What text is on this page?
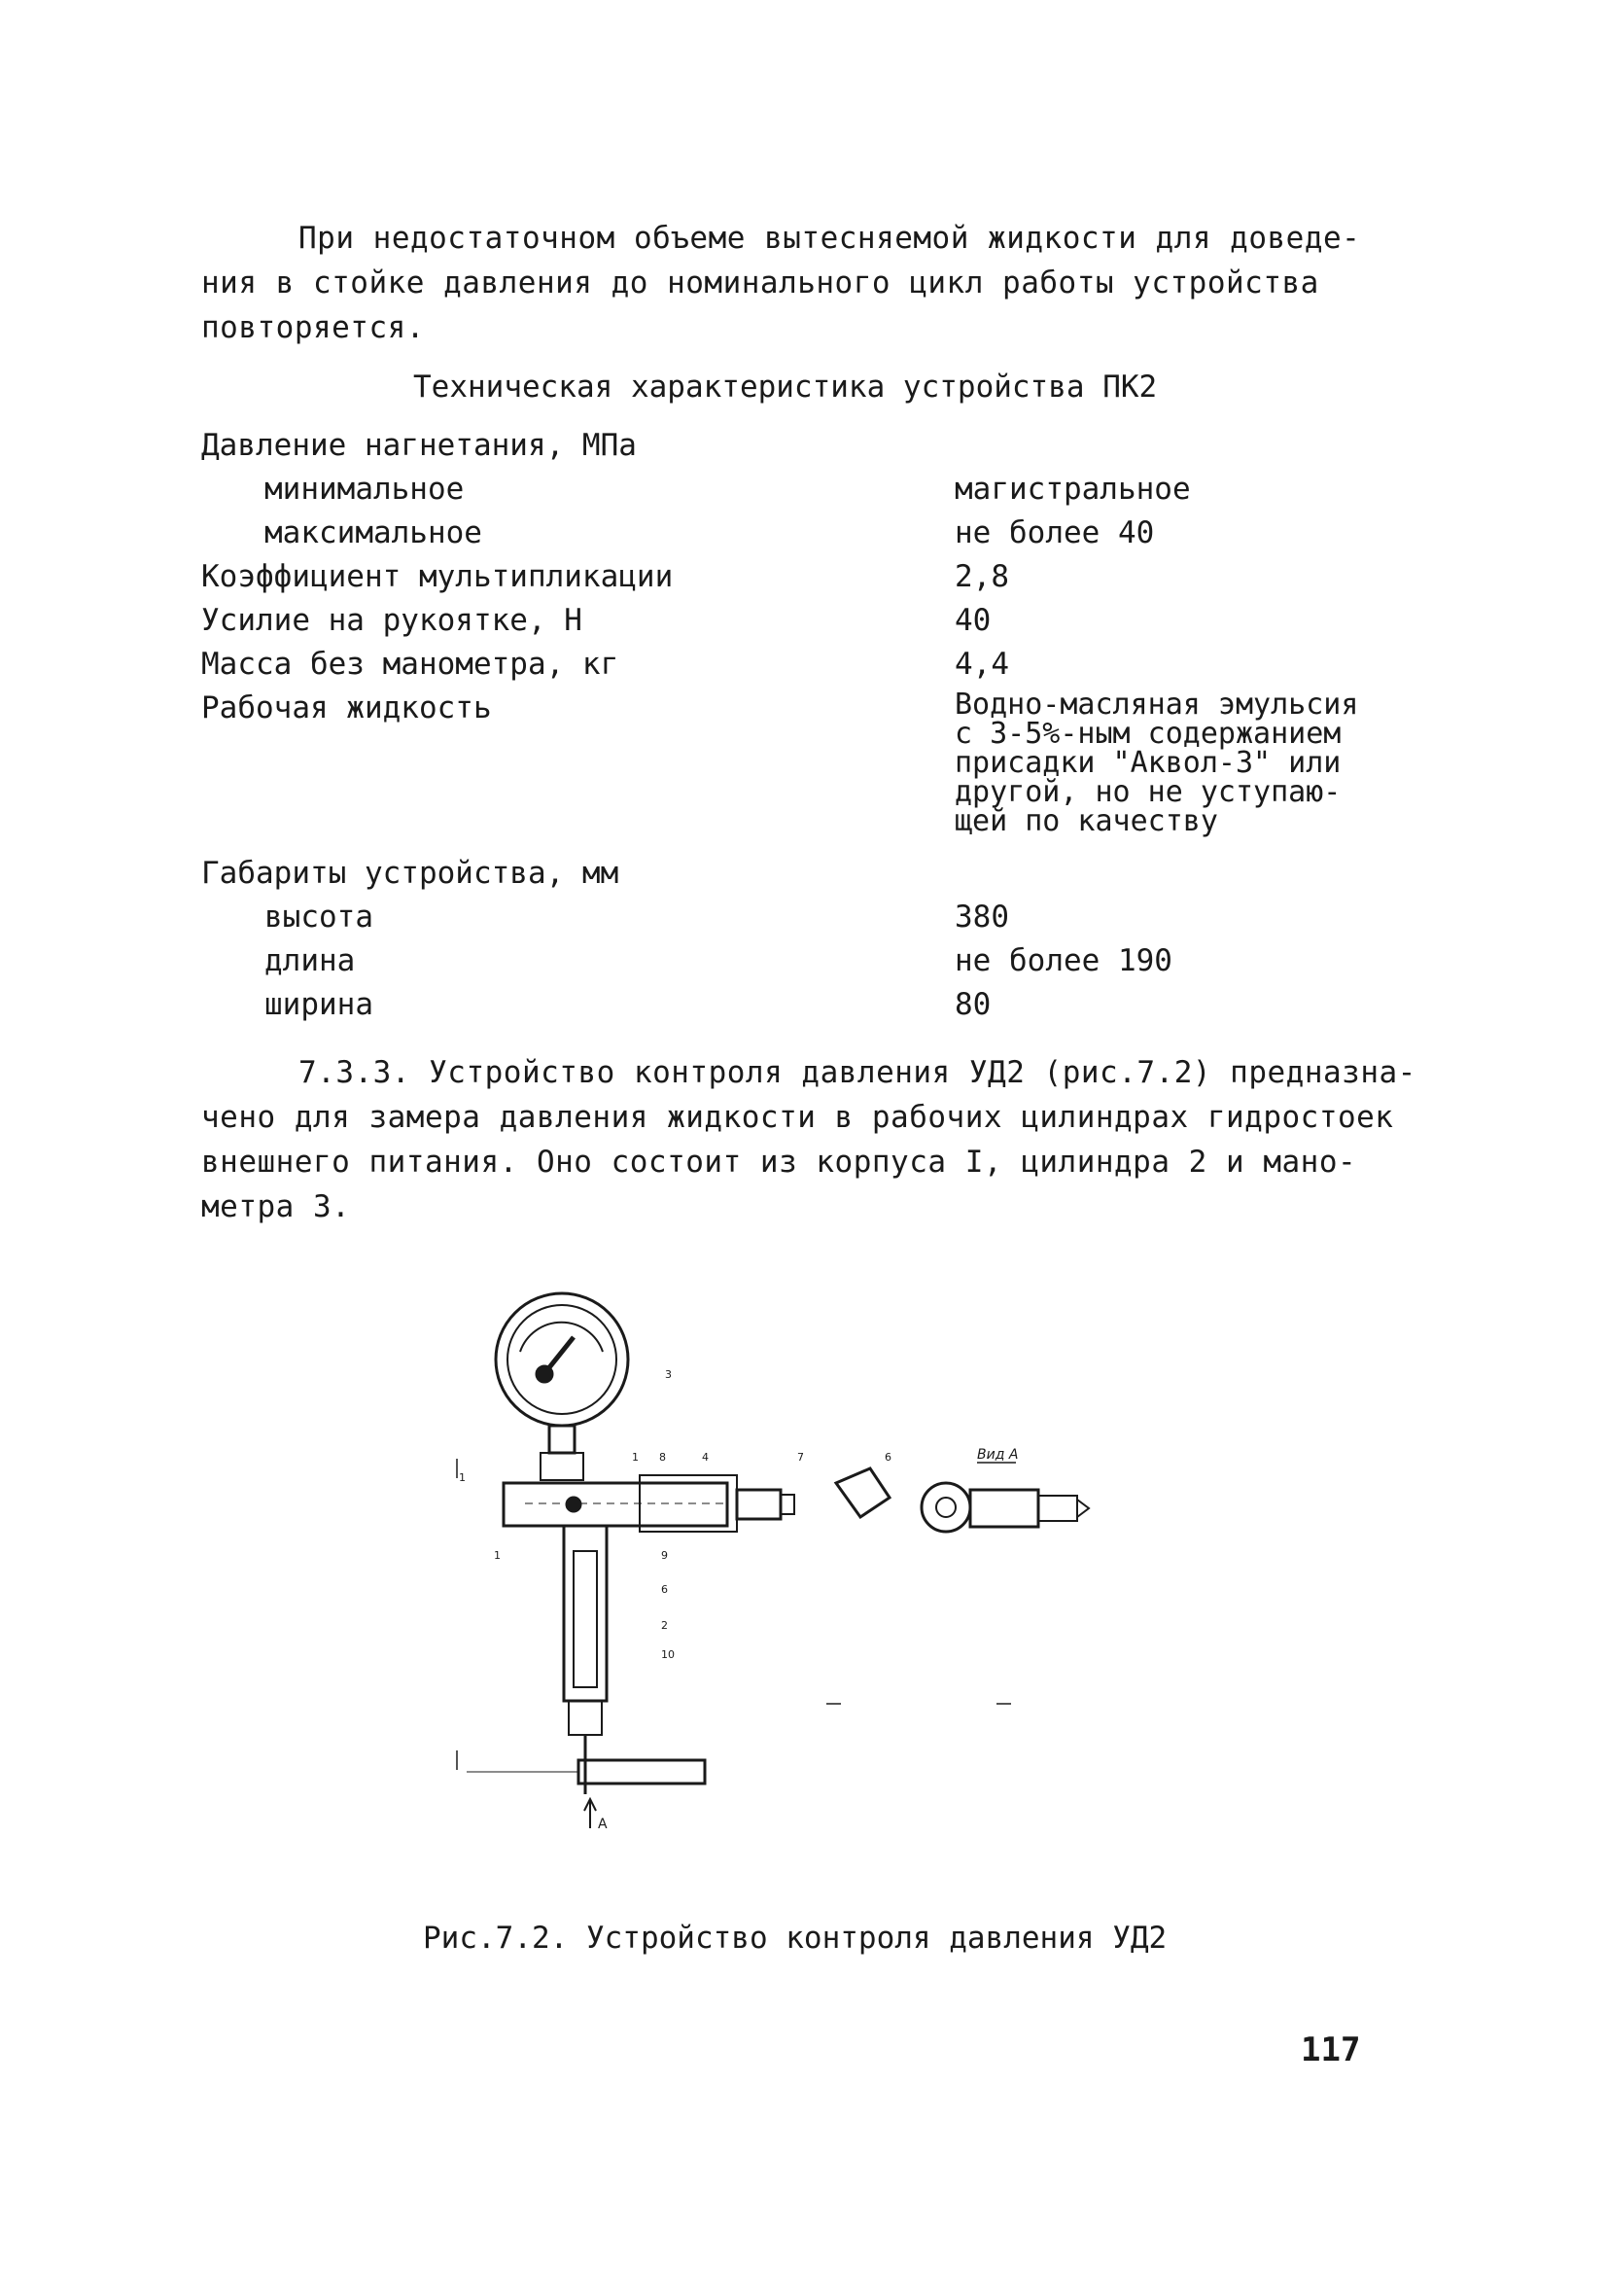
При недостаточном объеме вытесняемой жидкости для доведе-
ния в стойке давления до номинального цикл работы устройства
повторяется.
Техническая характеристика устройства ПК2
Давление нагнетания, МПа
минимальное	магистральное
максимальное	не более 40
Коэффициент мультипликации	2,8
Усилие на рукоятке, Н	40
Масса без манометра, кг	4,4
Рабочая жидкость	Водно-масляная эмульсия
с 3-5%-ным содержанием
присадки "Аквол-3" или
другой, но не уступаю-
щей по качеству
Габариты устройства, мм
высота	380
длина	не более 190
ширина	80
7.3.3. Устройство контроля давления УД2 (рис.7.2) предназна-
чено для замера давления жидкости в рабочих цилиндрах гидростоек
внешнего питания. Оно состоит из корпуса I, цилиндра 2 и мано-
метра 3.
А
Вид А
3
1
1 8	4	7	6
1	9
6
2
10
Рис.7.2. Устройство контроля давления УД2
117
